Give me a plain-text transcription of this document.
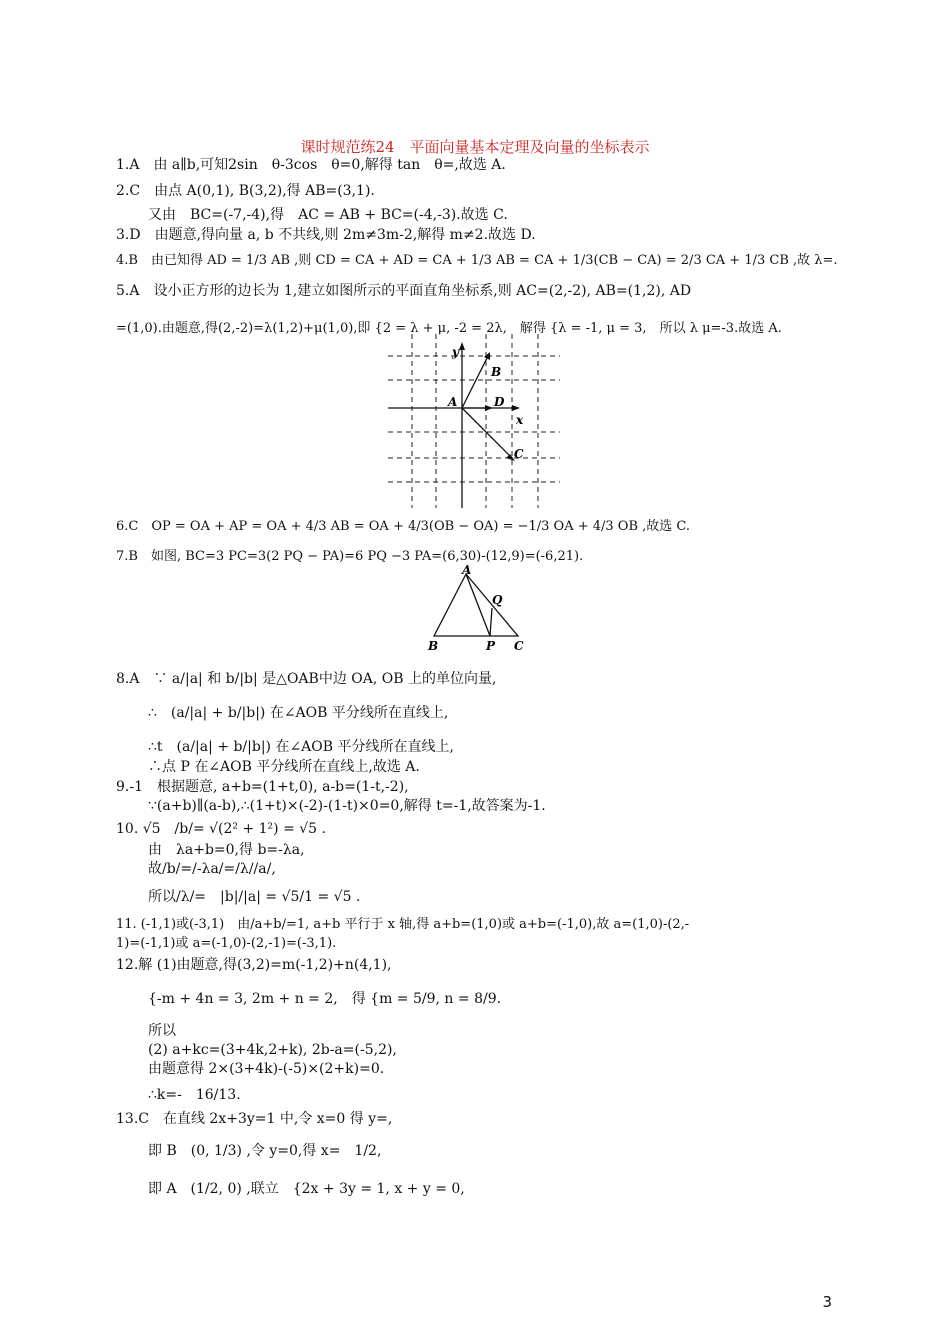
课时规范练24　平面向量基本定理及向量的坐标表示
1.A　由 a∥b,可知2sin　θ-3cos　θ=0,解得 tan　θ=,故选 A.
2.C　由点 A(0,1), B(3,2),得 AB=(3,1).
又由　BC=(-7,-4),得　AC = AB + BC=(-4,-3).故选 C.
3.D　由题意,得向量 a, b 不共线,则 2m≠3m-2,解得 m≠2.故选 D.
4.B　由已知得 AD = 1/3 AB ,则 CD = CA + AD = CA + 1/3 AB = CA + 1/3(CB − CA) = 2/3 CA + 1/3 CB ,故 λ=.
5.A　设小正方形的边长为 1,建立如图所示的平面直角坐标系,则 AC=(2,-2), AB=(1,2), AD
=(1,0).由题意,得(2,-2)=λ(1,2)+μ(1,0),即 {2 = λ + μ, -2 = 2λ,　解得 {λ = -1, μ = 3,　所以 λ μ=-3.故选 A.
y
B
A	D
x
C
6.C　OP = OA + AP = OA + 4/3 AB = OA + 4/3(OB − OA) = −1/3 OA + 4/3 OB ,故选 C.
7.B　如图, BC=3 PC=3(2 PQ − PA)=6 PQ −3 PA=(6,30)-(12,9)=(-6,21).
A
Q
B	P C
8.A　∵ a/|a| 和 b/|b| 是△OAB中边 OA, OB 上的单位向量,
∴　(a/|a| + b/|b|) 在∠AOB 平分线所在直线上,
∴t　(a/|a| + b/|b|) 在∠AOB 平分线所在直线上,
∴点 P 在∠AOB 平分线所在直线上,故选 A.
9.-1　根据题意, a+b=(1+t,0), a-b=(1-t,-2),
∵(a+b)∥(a-b),∴(1+t)×(-2)-(1-t)×0=0,解得 t=-1,故答案为-1.
10. √5　/b/= √(2² + 1²) = √5 .
由　λa+b=0,得 b=-λa,
故/b/=/-λa/=/λ//a/,
所以/λ/=　|b|/|a| = √5/1 = √5 .
11. (-1,1)或(-3,1)　由/a+b/=1, a+b 平行于 x 轴,得 a+b=(1,0)或 a+b=(-1,0),故 a=(1,0)-(2,-
1)=(-1,1)或 a=(-1,0)-(2,-1)=(-3,1).
12.解 (1)由题意,得(3,2)=m(-1,2)+n(4,1),
{-m + 4n = 3, 2m + n = 2,　得 {m = 5/9, n = 8/9.
所以
(2) a+kc=(3+4k,2+k), 2b-a=(-5,2),
由题意得 2×(3+4k)-(-5)×(2+k)=0.
∴k=-　16/13.
13.C　在直线 2x+3y=1 中,令 x=0 得 y=,
即 B　(0, 1/3) ,令 y=0,得 x=　1/2,
即 A　(1/2, 0) ,联立　{2x + 3y = 1, x + y = 0,
3
